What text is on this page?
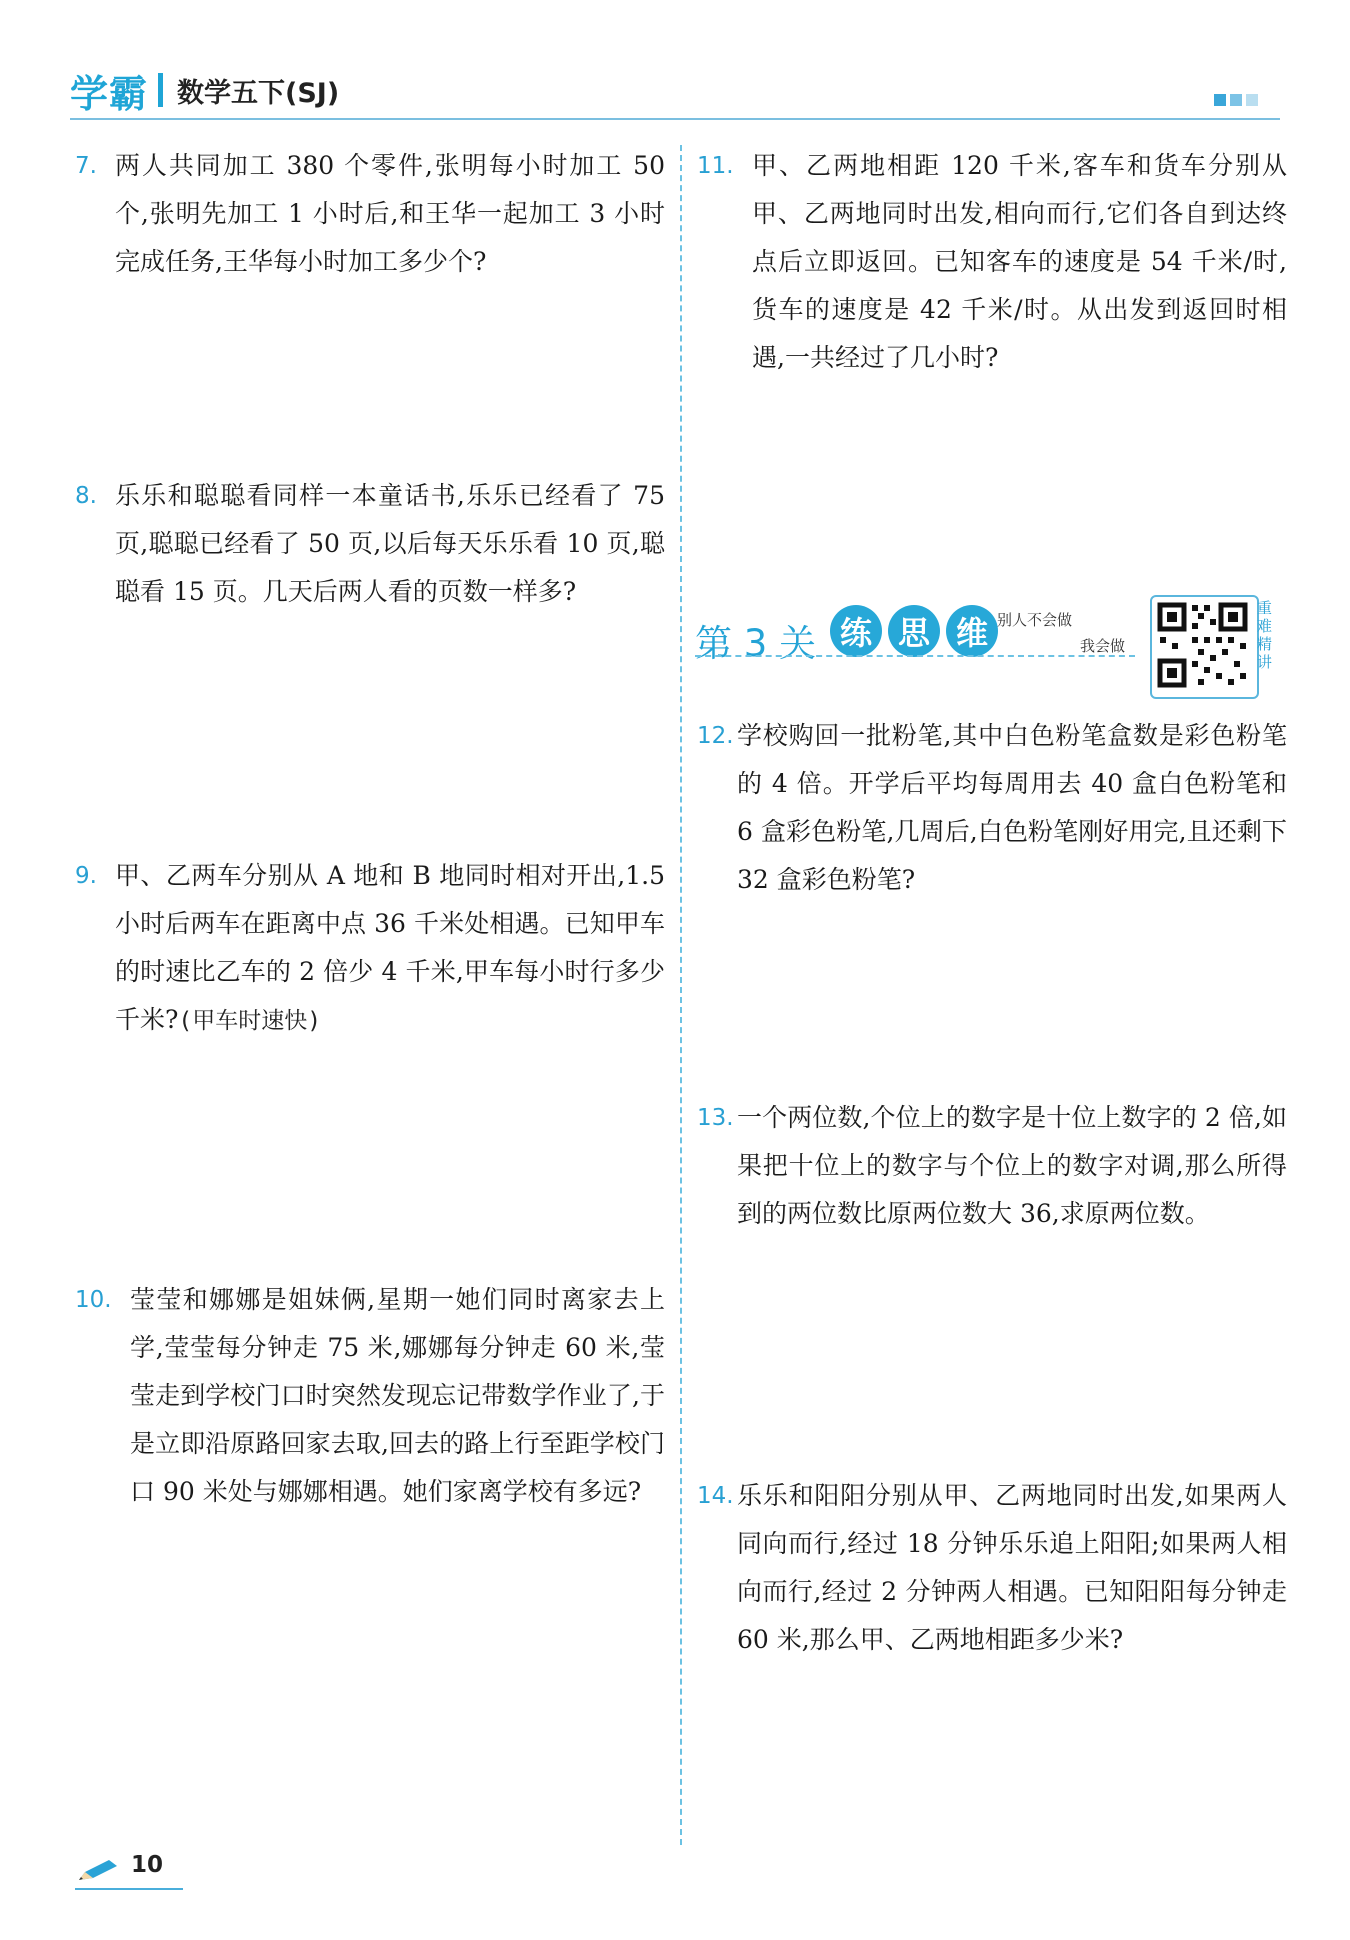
学霸 数学五下(SJ)
7. 两人共同加工 380 个零件,张明每小时加工 50 个,张明先加工 1 小时后,和王华一起加工 3 小时完成任务,王华每小时加工多少个?
8. 乐乐和聪聪看同样一本童话书,乐乐已经看了 75 页,聪聪已经看了 50 页,以后每天乐乐看 10 页,聪聪看 15 页。几天后两人看的页数一样多?
9. 甲、乙两车分别从 A 地和 B 地同时相对开出,1.5 小时后两车在距离中点 36 千米处相遇。已知甲车的时速比乙车的 2 倍少 4 千米,甲车每小时行多少千米?(甲车时速快)
10. 莹莹和娜娜是姐妹俩,星期一她们同时离家去上学,莹莹每分钟走 75 米,娜娜每分钟走 60 米,莹莹走到学校门口时突然发现忘记带数学作业了,于是立即沿原路回家去取,回去的路上行至距学校门口 90 米处与娜娜相遇。她们家离学校有多远?
11. 甲、乙两地相距 120 千米,客车和货车分别从甲、乙两地同时出发,相向而行,它们各自到达终点后立即返回。已知客车的速度是 54 千米/时,货车的速度是 42 千米/时。从出发到返回时相遇,一共经过了几小时?
第 3 关 练 思 维 别人不会做
我会做
重难精讲
12. 学校购回一批粉笔,其中白色粉笔盒数是彩色粉笔的 4 倍。开学后平均每周用去 40 盒白色粉笔和 6 盒彩色粉笔,几周后,白色粉笔刚好用完,且还剩下 32 盒彩色粉笔?
13. 一个两位数,个位上的数字是十位上数字的 2 倍,如果把十位上的数字与个位上的数字对调,那么所得到的两位数比原两位数大 36,求原两位数。
14. 乐乐和阳阳分别从甲、乙两地同时出发,如果两人同向而行,经过 18 分钟乐乐追上阳阳;如果两人相向而行,经过 2 分钟两人相遇。已知阳阳每分钟走 60 米,那么甲、乙两地相距多少米?
10
